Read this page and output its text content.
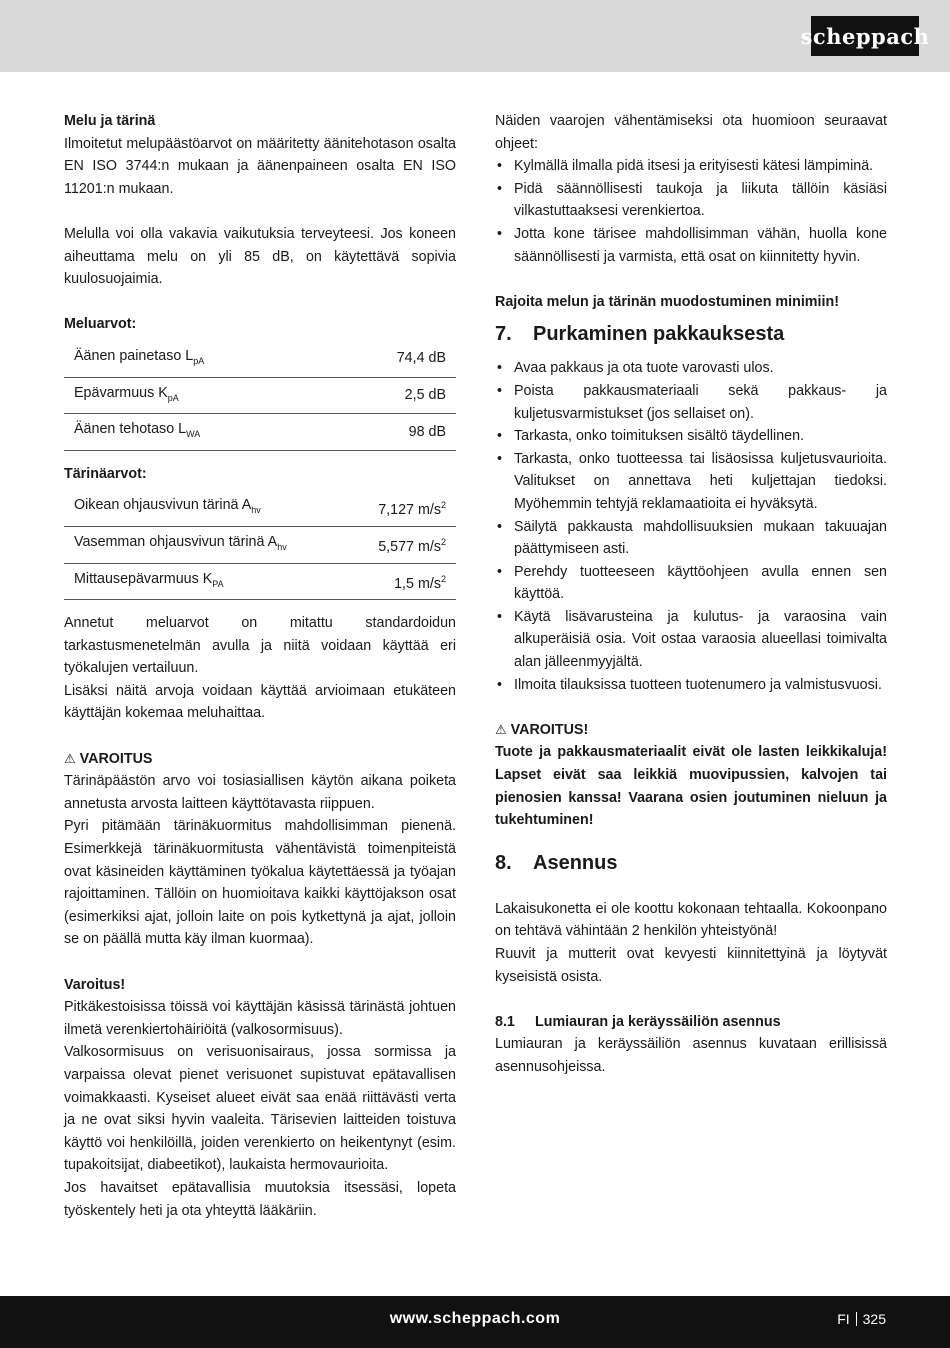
scheppach

Melu ja tärinä

Ilmoitetut melupäästöarvot on määritetty äänitehotason osalta EN ISO 3744:n mukaan ja äänenpaineen osalta EN ISO 11201:n mukaan.

Melulla voi olla vakavia vaikutuksia terveyteesi. Jos koneen aiheuttama melu on yli 85 dB, on käytettävä sopivia kuulosuojaimia.

Meluarvot:

Äänen painetaso $L_{pA}$	74,4 dB
Epävarmuus $K_{pA}$	2,5 dB
Äänen tehotaso $L_{WA}$	98 dB

Tärinäarvot:

Oikean ohjausvivun tärinä $A_{hv}$	7,127 $m/s^2$
Vasemman ohjausvivun tärinä $A_{hv}$	5,577 $m/s^2$
Mittausepävarmuus $K_{PA}$	1,5 $m/s^2$

Annetut meluarvot on mitattu standardoidun tarkastusmenetelmän avulla ja niitä voidaan käyttää eri työkalujen vertailuun.

Lisäksi näitä arvoja voidaan käyttää arvioimaan etukäteen käyttäjän kokemaa meluhaittaa.

⚠ VAROITUS

Tärinäpäästön arvo voi tosiasiallisen käytön aikana poiketa annetusta arvosta laitteen käyttötavasta riippuen.

Pyri pitämään tärinäkuormitus mahdollisimman pienenä. Esimerkkejä tärinäkuormitusta vähentävistä toimenpiteistä ovat käsineiden käyttäminen työkalua käytettäessä ja työajan rajoittaminen. Tällöin on huomioitava kaikki käyttöjakson osat (esimerkiksi ajat, jolloin laite on pois kytkettynä ja ajat, jolloin se on päällä mutta käy ilman kuormaa).

Varoitus!

Pitkäkestoisissa töissä voi käyttäjän käsissä tärinästä johtuen ilmetä verenkiertohäiriöitä (valkosormisuus).

Valkosormisuus on verisuonisairaus, jossa sormissa ja varpaissa olevat pienet verisuonet supistuvat epätavallisen voimakkaasti. Kyseiset alueet eivät saa enää riittävästi verta ja ne ovat siksi hyvin vaaleita. Tärisevien laitteiden toistuva käyttö voi henkilöillä, joiden verenkierto on heikentynyt (esim. tupakoitsijat, diabeetikot), laukaista hermovaurioita.

Jos havaitset epätavallisia muutoksia itsessäsi, lopeta työskentely heti ja ota yhteyttä lääkäriin.

Näiden vaarojen vähentämiseksi ota huomioon seuraavat ohjeet:

• Kylmällä ilmalla pidä itsesi ja erityisesti kätesi lämpiminä.
• Pidä säännöllisesti taukoja ja liikuta tällöin käsiäsi vilkastuttaaksesi verenkiertoa.
• Jotta kone tärisee mahdollisimman vähän, huolla kone säännöllisesti ja varmista, että osat on kiinnitetty hyvin.

Rajoita melun ja tärinän muodostuminen minimiin!

7.	Purkaminen pakkauksesta
• Avaa pakkaus ja ota tuote varovasti ulos.
• Poista pakkausmateriaali sekä pakkaus- ja kuljetusvarmistukset (jos sellaiset on).
• Tarkasta, onko toimituksen sisältö täydellinen.
• Tarkasta, onko tuotteessa tai lisäosissa kuljetusvaurioita. Valitukset on annettava heti kuljettajan tiedoksi. Myöhemmin tehtyjä reklamaatioita ei hyväksytä.
• Säilytä pakkausta mahdollisuuksien mukaan takuuajan päättymiseen asti.
• Perehdy tuotteeseen käyttöohjeen avulla ennen sen käyttöä.
• Käytä lisävarusteina ja kulutus- ja varaosina vain alkuperäisiä osia. Voit ostaa varaosia alueellasi toimivalta alan jälleenmyyjältä.
• Ilmoita tilauksissa tuotteen tuotenumero ja valmistusvuosi.

⚠ VAROITUS!

Tuote ja pakkausmateriaalit eivät ole lasten leikkikaluja! Lapset eivät saa leikkiä muovipussien, kalvojen tai pienosien kanssa! Vaarana osien joutuminen nieluun ja tukehtuminen!

8.	Asennus

Lakaisukonetta ei ole koottu kokonaan tehtaalla. Kokoonpano on tehtävä vähintään 2 henkilön yhteistyönä!

Ruuvit ja mutterit ovat kevyesti kiinnitettyinä ja löytyvät kyseisistä osista.

8.1	Lumiauran ja keräyssäiliön asennus

Lumiauran ja keräyssäiliön asennus kuvataan erillisissä asennusohjeissa.

www.scheppach.com	FI 325
